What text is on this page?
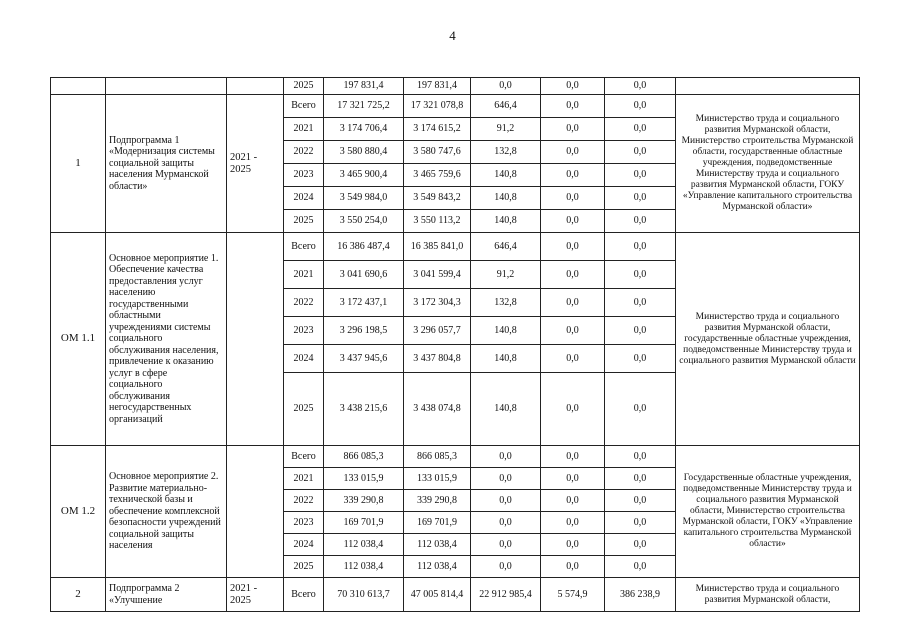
4
			2025	197 831,4	197 831,4	0,0	0,0	0,0	
1	Подпрограмма 1 «Модернизация системы социальной защиты населения Мурманской области»	2021 - 2025	Всего	17 321 725,2	17 321 078,8	646,4	0,0	0,0	Министерство труда и социального развития Мурманской области, Министерство строительства Мурманской области, государственные областные учреждения, подведомственные Министерству труда и социального развития Мурманской области, ГОКУ «Управление капитального строительства Мурманской области»
			2021	3 174 706,4	3 174 615,2	91,2	0,0	0,0	
			2022	3 580 880,4	3 580 747,6	132,8	0,0	0,0	
			2023	3 465 900,4	3 465 759,6	140,8	0,0	0,0	
			2024	3 549 984,0	3 549 843,2	140,8	0,0	0,0	
			2025	3 550 254,0	3 550 113,2	140,8	0,0	0,0	
ОМ 1.1	Основное мероприятие 1. Обеспечение качества предоставления услуг населению государственными областными учреждениями системы социального обслуживания населения, привлечение к оказанию услуг в сфере социального обслуживания негосударственных организаций		Всего	16 386 487,4	16 385 841,0	646,4	0,0	0,0	Министерство труда и социального развития Мурманской области, государственные областные учреждения, подведомственные Министерству труда и социального развития Мурманской области
			2021	3 041 690,6	3 041 599,4	91,2	0,0	0,0	
			2022	3 172 437,1	3 172 304,3	132,8	0,0	0,0	
			2023	3 296 198,5	3 296 057,7	140,8	0,0	0,0	
			2024	3 437 945,6	3 437 804,8	140,8	0,0	0,0	
			2025	3 438 215,6	3 438 074,8	140,8	0,0	0,0	
ОМ 1.2	Основное мероприятие 2. Развитие материально-технической базы и обеспечение комплексной безопасности учреждений социальной защиты населения		Всего	866 085,3	866 085,3	0,0	0,0	0,0	Государственные областные учреждения, подведомственные Министерству труда и социального развития Мурманской области, Министерство строительства Мурманской области, ГОКУ «Управление капитального строительства Мурманской области»
			2021	133 015,9	133 015,9	0,0	0,0	0,0	
			2022	339 290,8	339 290,8	0,0	0,0	0,0	
			2023	169 701,9	169 701,9	0,0	0,0	0,0	
			2024	112 038,4	112 038,4	0,0	0,0	0,0	
			2025	112 038,4	112 038,4	0,0	0,0	0,0	
2	Подпрограмма 2 «Улучшение	2021 - 2025	Всего	70 310 613,7	47 005 814,4	22 912 985,4	5 574,9	386 238,9	Министерство труда и социального развития Мурманской области,
